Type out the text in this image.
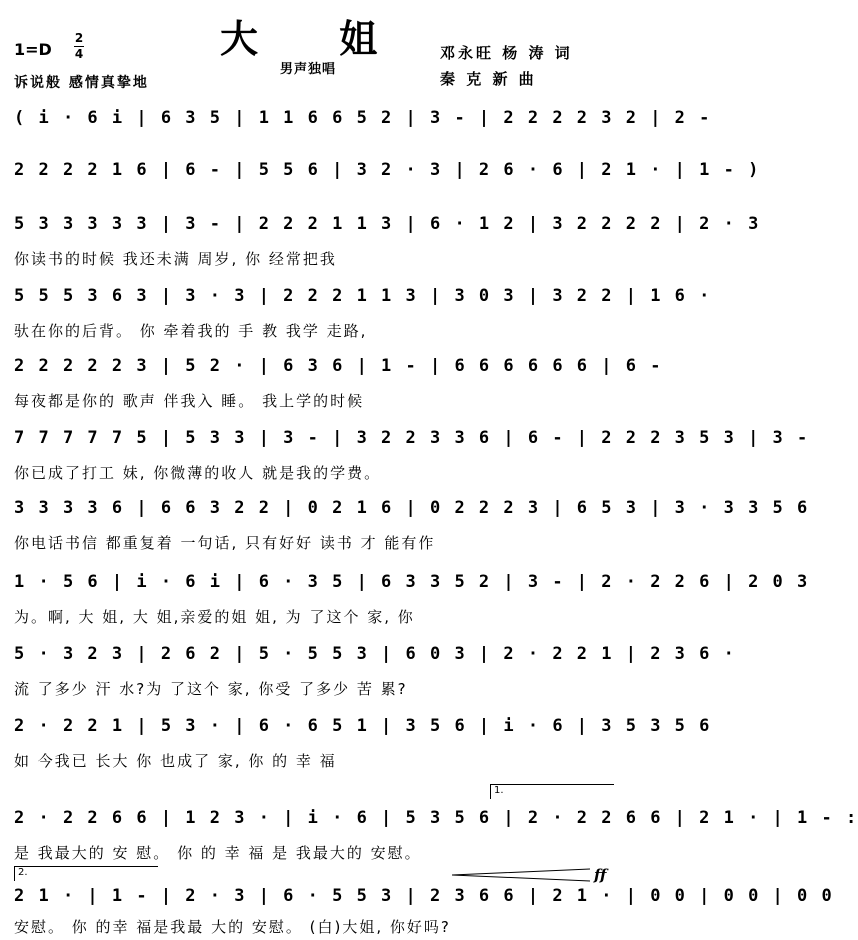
大 姐
1=D
2
4
诉说般 感情真挚地
男声独唱
邓永旺 杨 涛 词
秦 克 新 曲
( i · 6 i | 6 3 5 | 1 1 6 6 5 2 | 3 - | 2 2 2 2 3 2 | 2 -
2 2 2 2 1 6 | 6 - | 5 5 6 | 3 2 · 3 | 2 6 · 6 | 2 1 · | 1 - )
5 3 3 3 3 3 | 3 - | 2 2 2 1 1 3 | 6 · 1 2 | 3 2 2 2 2 | 2 · 3
你读书的时候 我还未满 周岁, 你 经常把我
5 5 5 3 6 3 | 3 · 3 | 2 2 2 1 1 3 | 3 0 3 | 3 2 2 | 1 6 ·
驮在你的后背。 你 牵着我的 手 教 我学 走路,
2 2 2 2 2 3 | 5 2 · | 6 3 6 | 1 - | 6 6 6 6 6 6 | 6 -
每夜都是你的 歌声 伴我入 睡。 我上学的时候
7 7 7 7 7 5 | 5 3 3 | 3 - | 3 2 2 3 3 6 | 6 - | 2 2 2 3 5 3 | 3 -
你已成了打工 妹, 你微薄的收人 就是我的学费。
3 3 3 3 6 | 6 6 3 2 2 | 0 2 1 6 | 0 2 2 2 3 | 6 5 3 | 3 · 3 3 5 6
你电话书信 都重复着 一句话, 只有好好 读书 才 能有作
1 · 5 6 | i · 6 i | 6 · 3 5 | 6 3 3 5 2 | 3 - | 2 · 2 2 6 | 2 0 3
为。啊, 大 姐, 大 姐,亲爱的姐 姐, 为 了这个 家, 你
5 · 3 2 3 | 2 6 2 | 5 · 5 5 3 | 6 0 3 | 2 · 2 2 1 | 2 3 6 ·
流 了多少 汗 水?为 了这个 家, 你受 了多少 苦 累?
2 · 2 2 1 | 5 3 · | 6 · 6 5 1 | 3 5 6 | i · 6 | 3 5 3 5 6
如 今我已 长大 你 也成了 家, 你 的 幸 福
1.
2 · 2 2 6 6 | 1 2 3 · | i · 6 | 5 3 5 6 | 2 · 2 2 6 6 | 2 1 · | 1 - :
是 我最大的 安 慰。 你 的 幸 福 是 我最大的 安慰。
2.	ff
2 1 · | 1 - | 2 · 3 | 6 · 5 5 3 | 2 3 6 6 | 2 1 · | 0 0 | 0 0 | 0 0
安慰。 你 的幸 福是我最 大的 安慰。 (白)大姐, 你好吗?
